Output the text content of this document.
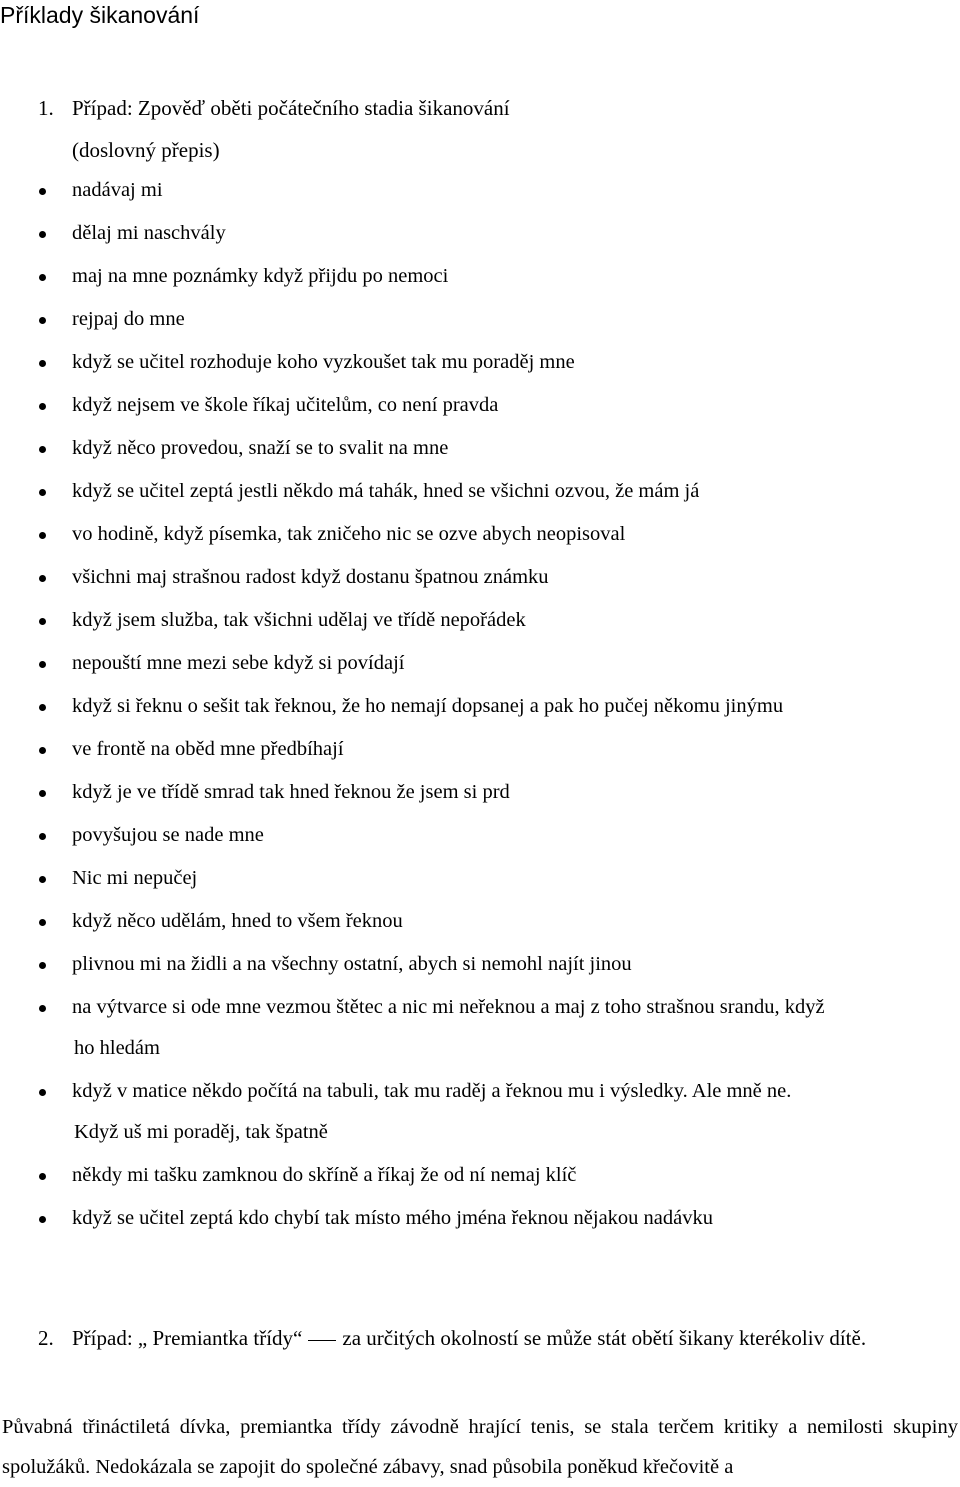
Příklady šikanování
1. Případ: Zpověď oběti počátečního stadia šikanování
(doslovný přepis)
nadávaj mi
dělaj mi naschvály
maj na mne poznámky když přijdu po nemoci
rejpaj do mne
když se učitel rozhoduje koho vyzkoušet tak mu poraděj mne
když nejsem ve škole říkaj učitelům, co není pravda
když něco provedou, snaží se to svalit na mne
když se učitel zeptá jestli někdo má tahák, hned se všichni ozvou, že mám já
vo hodině, když písemka, tak zničeho nic se ozve abych neopisoval
všichni maj strašnou radost když dostanu špatnou známku
když jsem služba, tak všichni udělaj ve třídě nepořádek
nepouští mne mezi sebe když si povídají
když si řeknu o sešit tak řeknou, že ho nemají dopsanej a pak ho pučej někomu jinýmu
ve frontě na oběd mne předbíhají
když je ve třídě smrad tak hned řeknou že jsem si prd
povyšujou se nade mne
Nic mi nepučej
když něco udělám, hned to všem řeknou
plivnou mi na židli a na všechny ostatní, abych si nemohl najít jinou
na výtvarce si ode mne vezmou štětec a nic mi neřeknou a maj z toho strašnou srandu, když
ho hledám
když v matice někdo počítá na tabuli, tak mu raděj a řeknou mu i výsledky. Ale mně ne.
Když uš mi poraděj, tak špatně
někdy mi tašku zamknou do skříně a říkaj že od ní nemaj klíč
když se učitel zeptá kdo chybí tak místo mého jména řeknou nějakou nadávku
2. Případ: „ Premiantka třídy“ za určitých okolností se může stát obětí šikany kterékoliv dítě.

Půvabná třináctiletá dívka, premiantka třídy závodně hrající tenis, se stala terčem kritiky a nemilosti skupiny spolužáků. Nedokázala se zapojit do společné zábavy, snad působila poněkud křečovitě a
